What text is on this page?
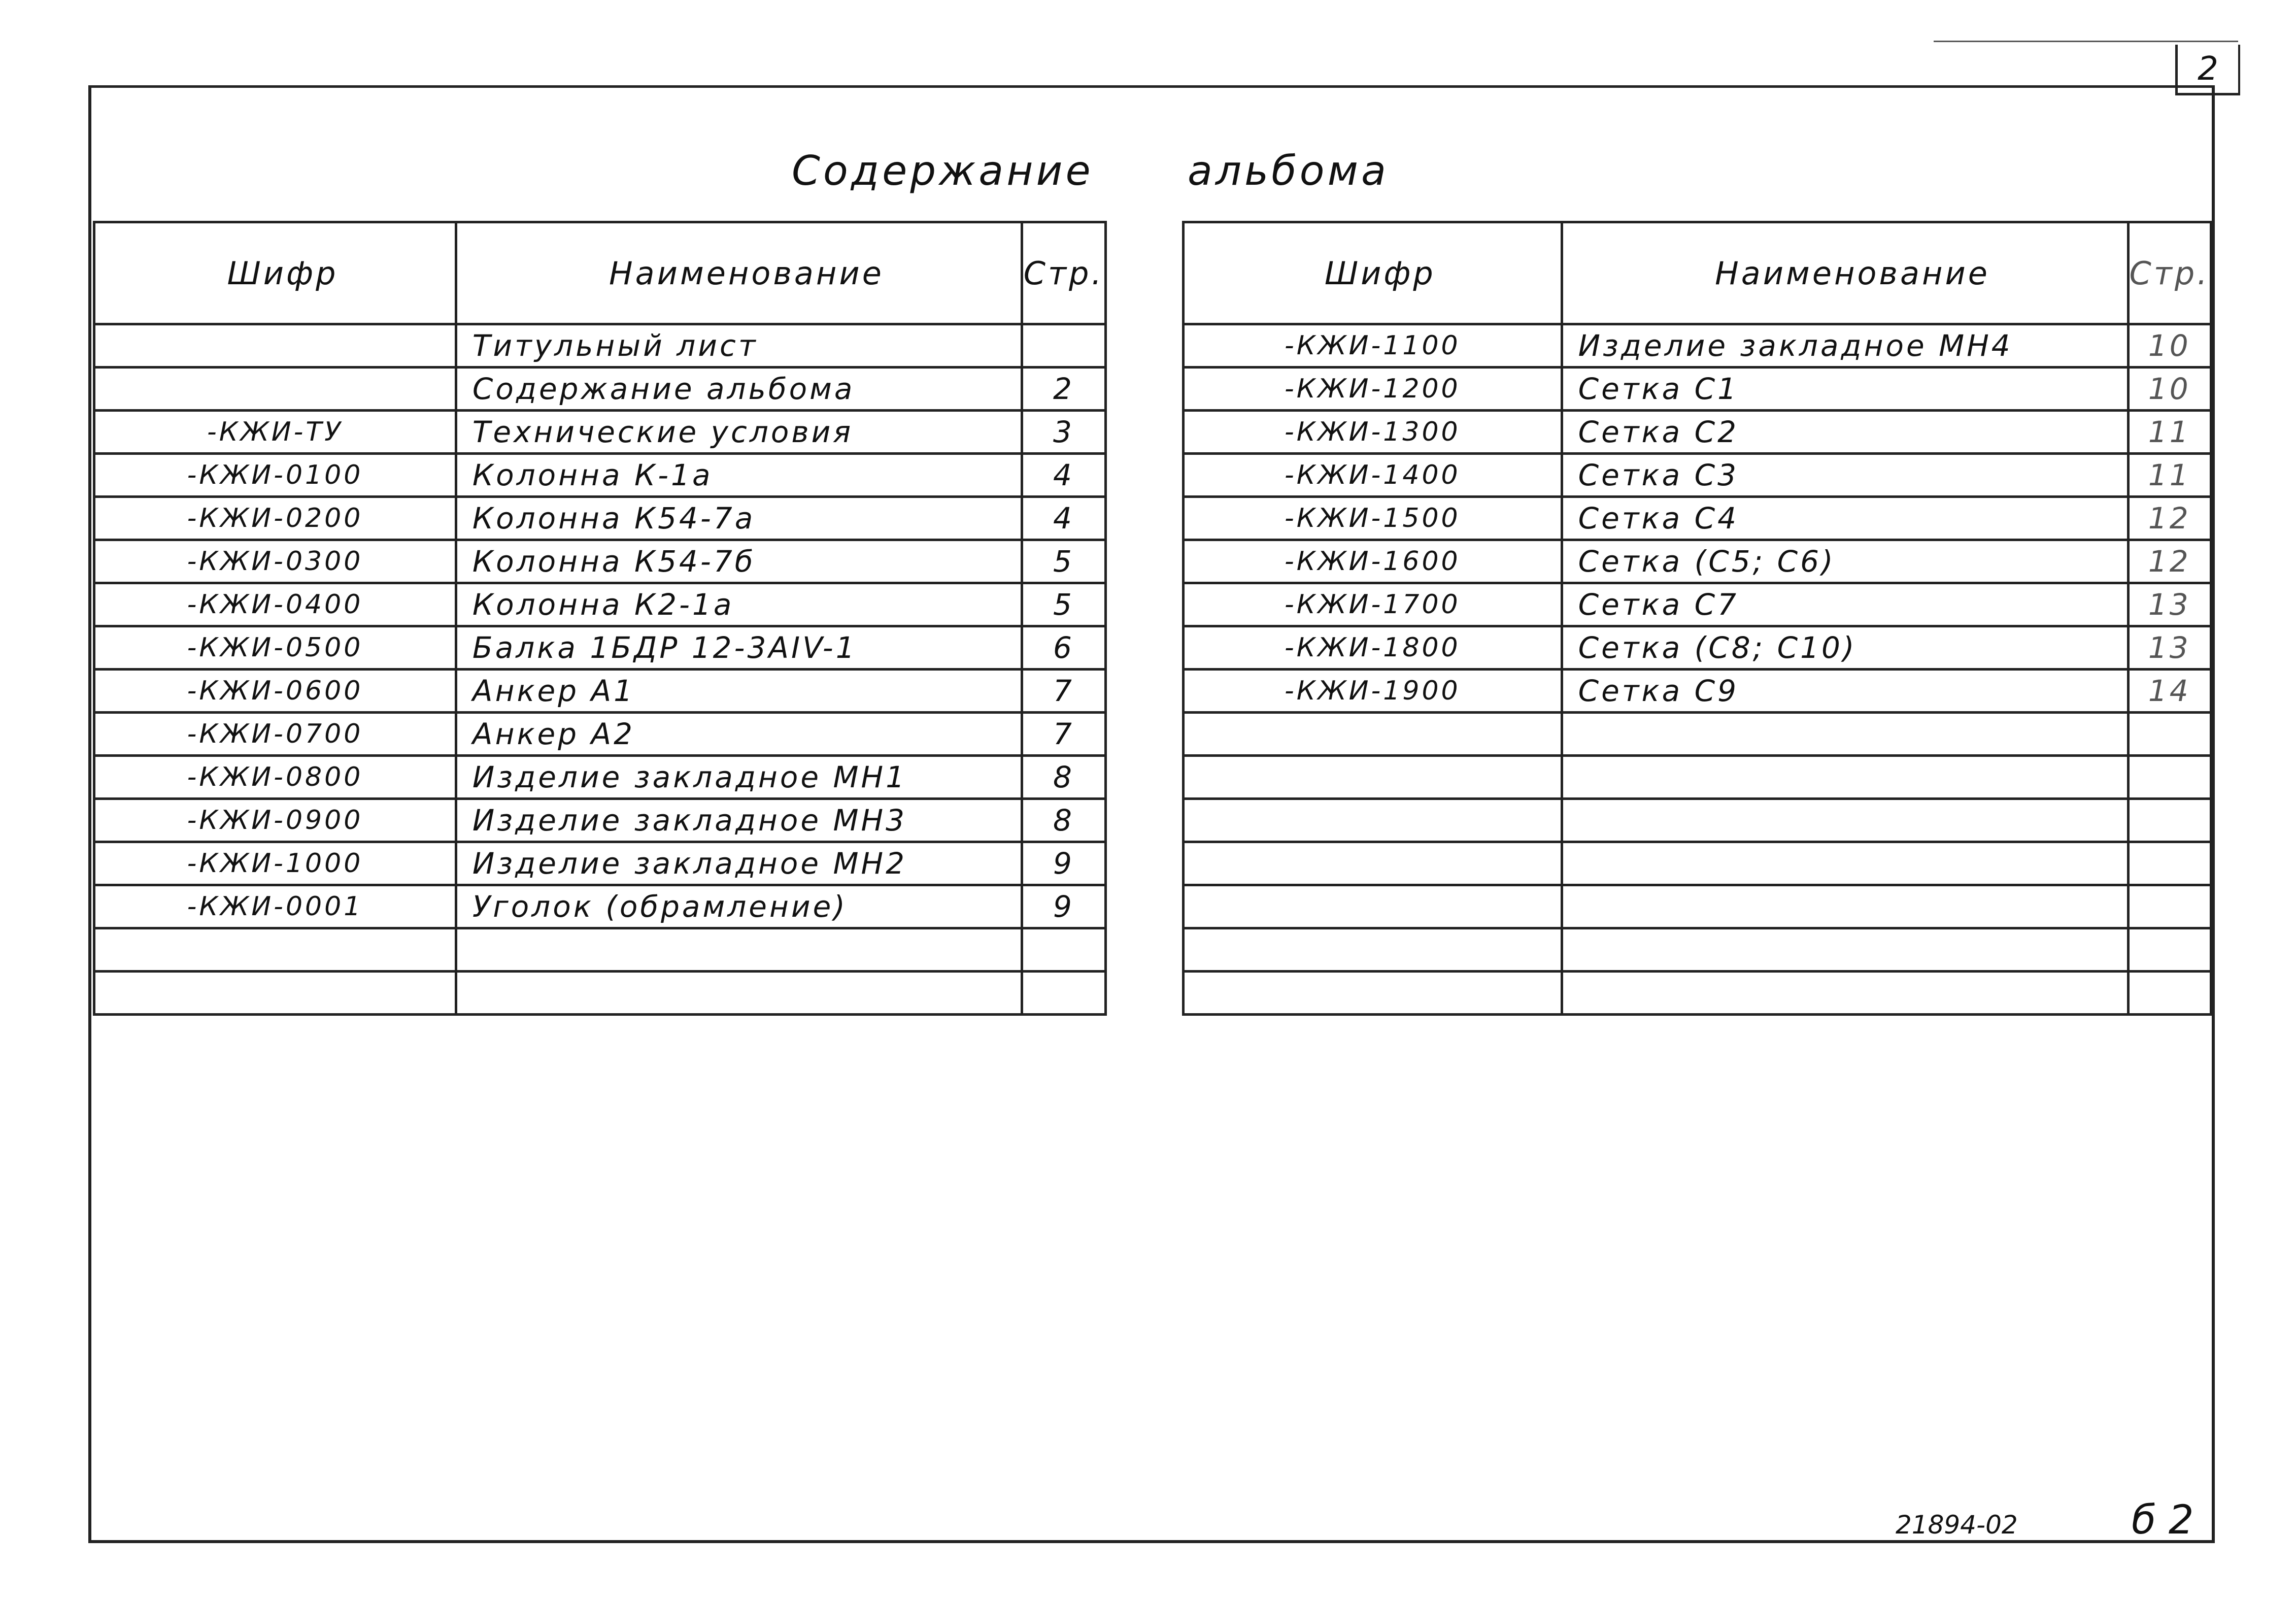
2
Содержание альбома
Шифр	Наименование	Стр.
	Титульный лист	
	Содержание альбома	2
-КЖИ-ТУ	Технические условия	3
-КЖИ-0100	Колонна К-1а	4
-КЖИ-0200	Колонна К54-7а	4
-КЖИ-0300	Колонна К54-7б	5
-КЖИ-0400	Колонна К2-1а	5
-КЖИ-0500	Балка 1БДР 12-3АIV-1	6
-КЖИ-0600	Анкер А1	7
-КЖИ-0700	Анкер А2	7
-КЖИ-0800	Изделие закладное МН1	8
-КЖИ-0900	Изделие закладное МН3	8
-КЖИ-1000	Изделие закладное МН2	9
-КЖИ-0001	Уголок (обрамление)	9

Шифр	Наименование	Стр.
-КЖИ-1100	Изделие закладное МН4	10
-КЖИ-1200	Сетка С1	10
-КЖИ-1300	Сетка С2	11
-КЖИ-1400	Сетка С3	11
-КЖИ-1500	Сетка С4	12
-КЖИ-1600	Сетка (С5; С6)	12
-КЖИ-1700	Сетка С7	13
-КЖИ-1800	Сетка (С8; С10)	13
-КЖИ-1900	Сетка С9	14

21894-02	б 2
